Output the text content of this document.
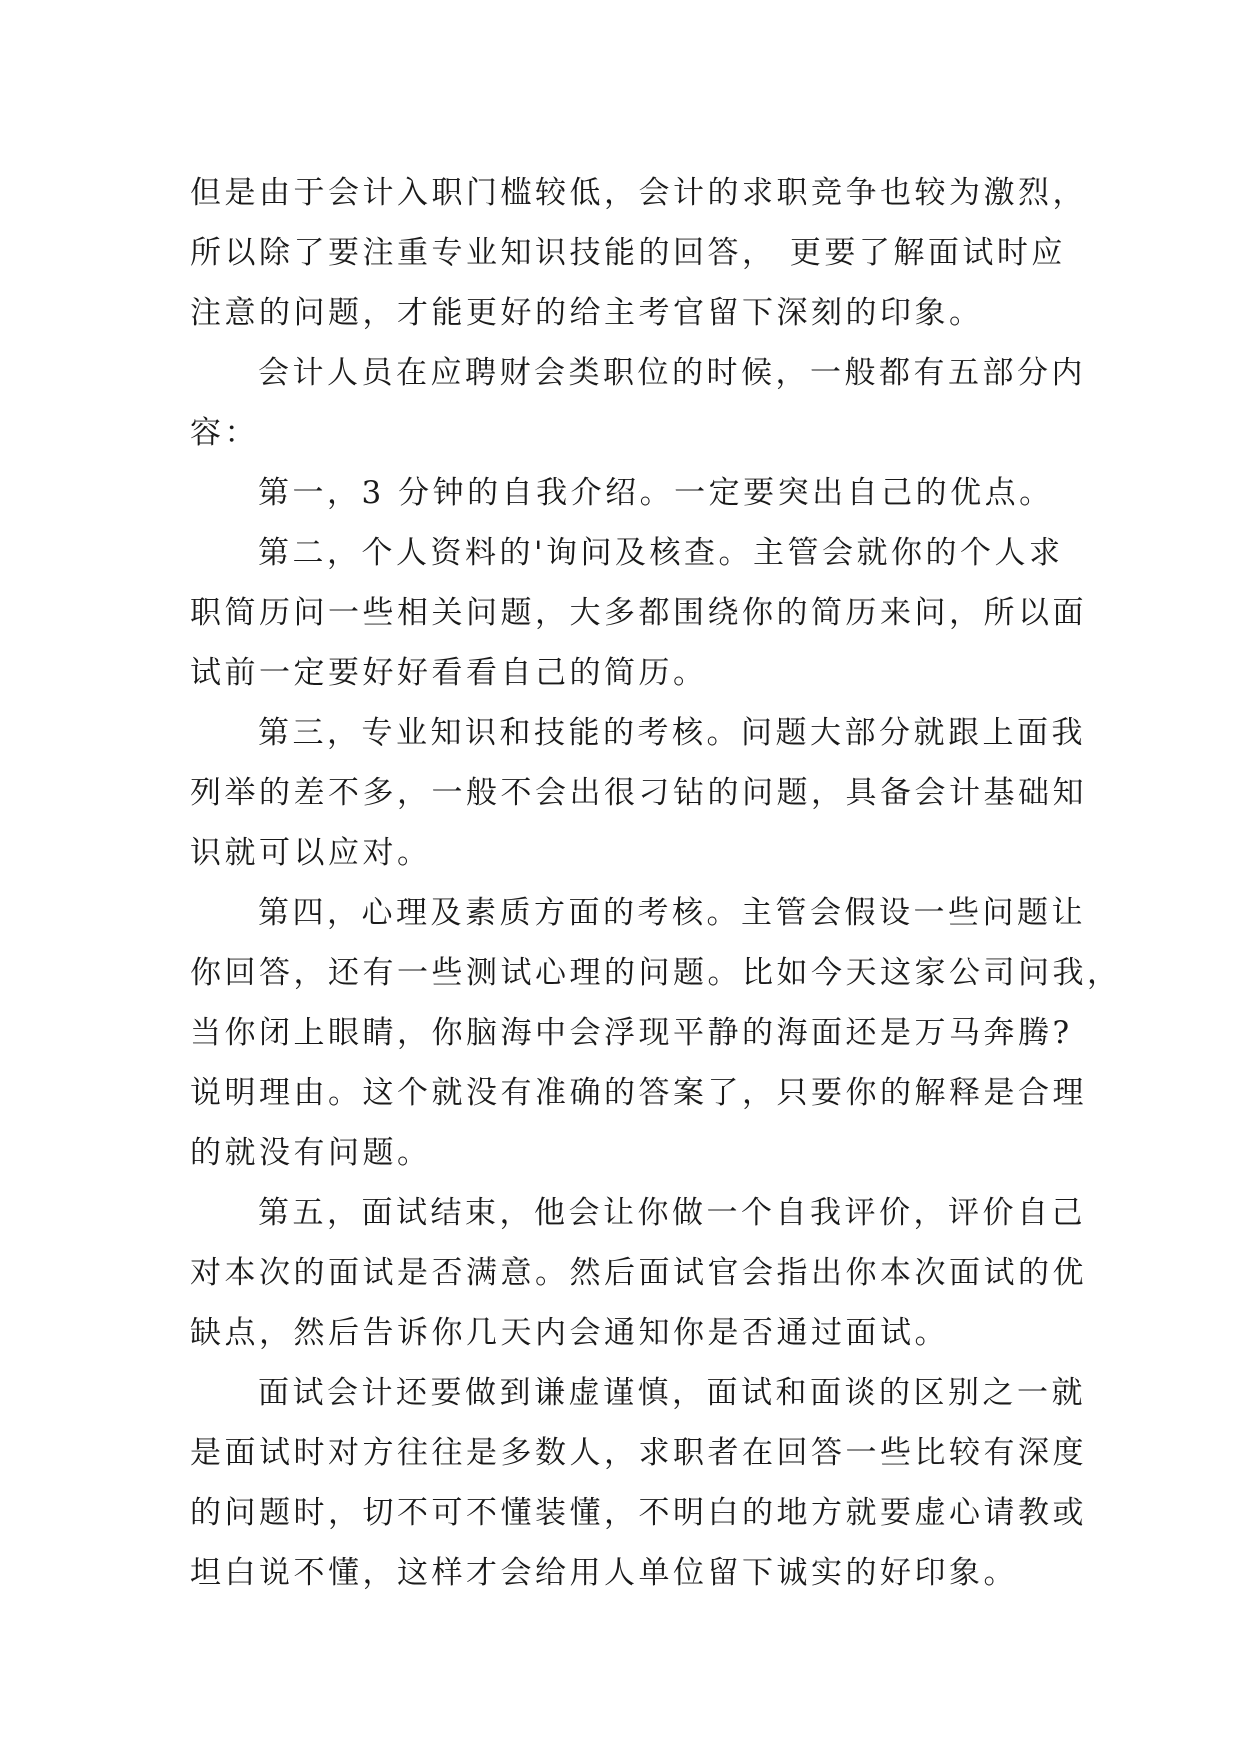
但是由于会计入职门槛较低，会计的求职竞争也较为激烈，
所以除了要注重专业知识技能的回答， 更要了解面试时应
注意的问题，才能更好的给主考官留下深刻的印象。
会计人员在应聘财会类职位的时候，一般都有五部分内
容：
第一，3 分钟的自我介绍。一定要突出自己的优点。
第二，个人资料的'询问及核查。主管会就你的个人求
职简历问一些相关问题，大多都围绕你的简历来问，所以面
试前一定要好好看看自己的简历。
第三，专业知识和技能的考核。问题大部分就跟上面我
列举的差不多，一般不会出很刁钻的问题，具备会计基础知
识就可以应对。
第四，心理及素质方面的考核。主管会假设一些问题让
你回答，还有一些测试心理的问题。比如今天这家公司问我，
当你闭上眼睛，你脑海中会浮现平静的海面还是万马奔腾?
说明理由。这个就没有准确的答案了，只要你的解释是合理
的就没有问题。
第五，面试结束，他会让你做一个自我评价，评价自己
对本次的面试是否满意。然后面试官会指出你本次面试的优
缺点，然后告诉你几天内会通知你是否通过面试。
面试会计还要做到谦虚谨慎，面试和面谈的区别之一就
是面试时对方往往是多数人，求职者在回答一些比较有深度
的问题时，切不可不懂装懂，不明白的地方就要虚心请教或
坦白说不懂，这样才会给用人单位留下诚实的好印象。
